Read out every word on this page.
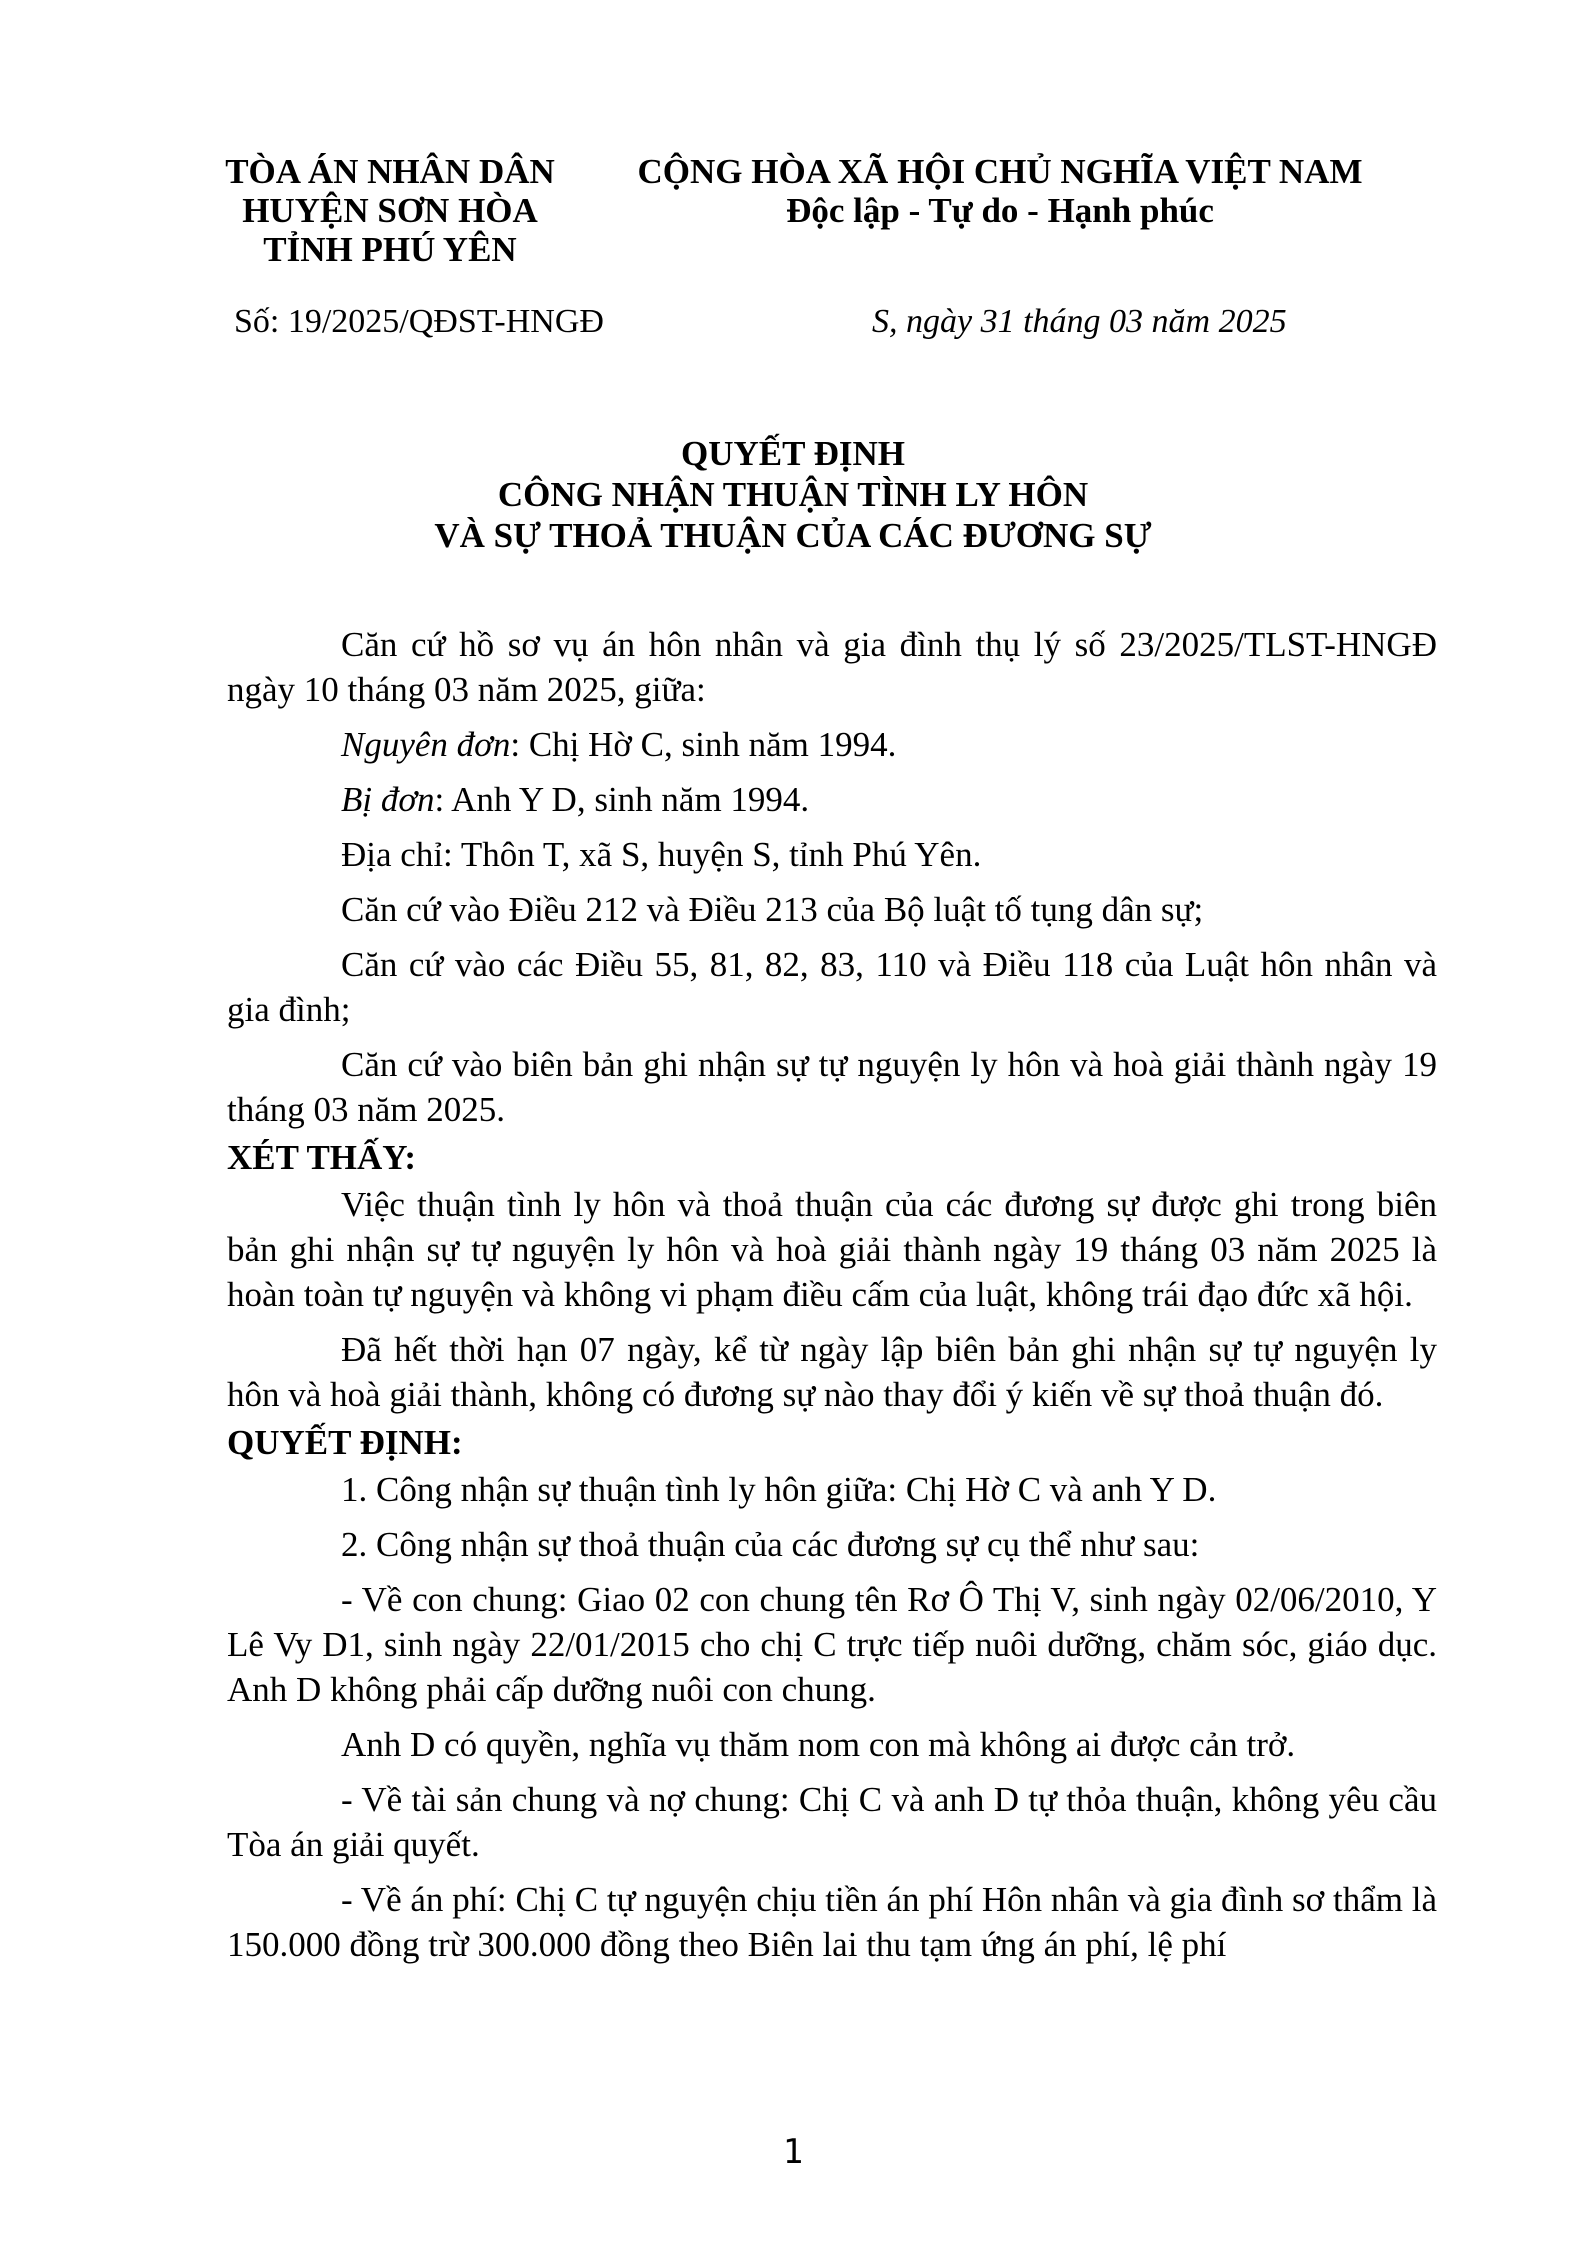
TÒA ÁN NHÂN DÂN
HUYỆN SƠN HÒA
TỈNH PHÚ YÊN
CỘNG HÒA XÃ HỘI CHỦ NGHĨA VIỆT NAM
Độc lập - Tự do - Hạnh phúc
Số: 19/2025/QĐST-HNGĐ	S, ngày 31 tháng 03 năm 2025
QUYẾT ĐỊNH
CÔNG NHẬN THUẬN TÌNH LY HÔN
VÀ SỰ THOẢ THUẬN CỦA CÁC ĐƯƠNG SỰ

Căn cứ hồ sơ vụ án hôn nhân và gia đình thụ lý số 23/2025/TLST-HNGĐ ngày 10 tháng 03 năm 2025, giữa:

Nguyên đơn: Chị Hờ C, sinh năm 1994.

Bị đơn: Anh Y D, sinh năm 1994.

Địa chỉ: Thôn T, xã S, huyện S, tỉnh Phú Yên.

Căn cứ vào Điều 212 và Điều 213 của Bộ luật tố tụng dân sự;

Căn cứ vào các Điều 55, 81, 82, 83, 110 và Điều 118 của Luật hôn nhân và gia đình;

Căn cứ vào biên bản ghi nhận sự tự nguyện ly hôn và hoà giải thành ngày 19 tháng 03 năm 2025.

XÉT THẤY:

Việc thuận tình ly hôn và thoả thuận của các đương sự được ghi trong biên bản ghi nhận sự tự nguyện ly hôn và hoà giải thành ngày 19 tháng 03 năm 2025 là hoàn toàn tự nguyện và không vi phạm điều cấm của luật, không trái đạo đức xã hội.

Đã hết thời hạn 07 ngày, kể từ ngày lập biên bản ghi nhận sự tự nguyện ly hôn và hoà giải thành, không có đương sự nào thay đổi ý kiến về sự thoả thuận đó.

QUYẾT ĐỊNH:

1. Công nhận sự thuận tình ly hôn giữa: Chị Hờ C và anh Y D.

2. Công nhận sự thoả thuận của các đương sự cụ thể như sau:

- Về con chung: Giao 02 con chung tên Rơ Ô Thị V, sinh ngày 02/06/2010, Y Lê Vy D1, sinh ngày 22/01/2015 cho chị C trực tiếp nuôi dưỡng, chăm sóc, giáo dục. Anh D không phải cấp dưỡng nuôi con chung.

Anh D có quyền, nghĩa vụ thăm nom con mà không ai được cản trở.

- Về tài sản chung và nợ chung: Chị C và anh D tự thỏa thuận, không yêu cầu Tòa án giải quyết.

- Về án phí: Chị C tự nguyện chịu tiền án phí Hôn nhân và gia đình sơ thẩm là 150.000 đồng trừ 300.000 đồng theo Biên lai thu tạm ứng án phí, lệ phí

1
